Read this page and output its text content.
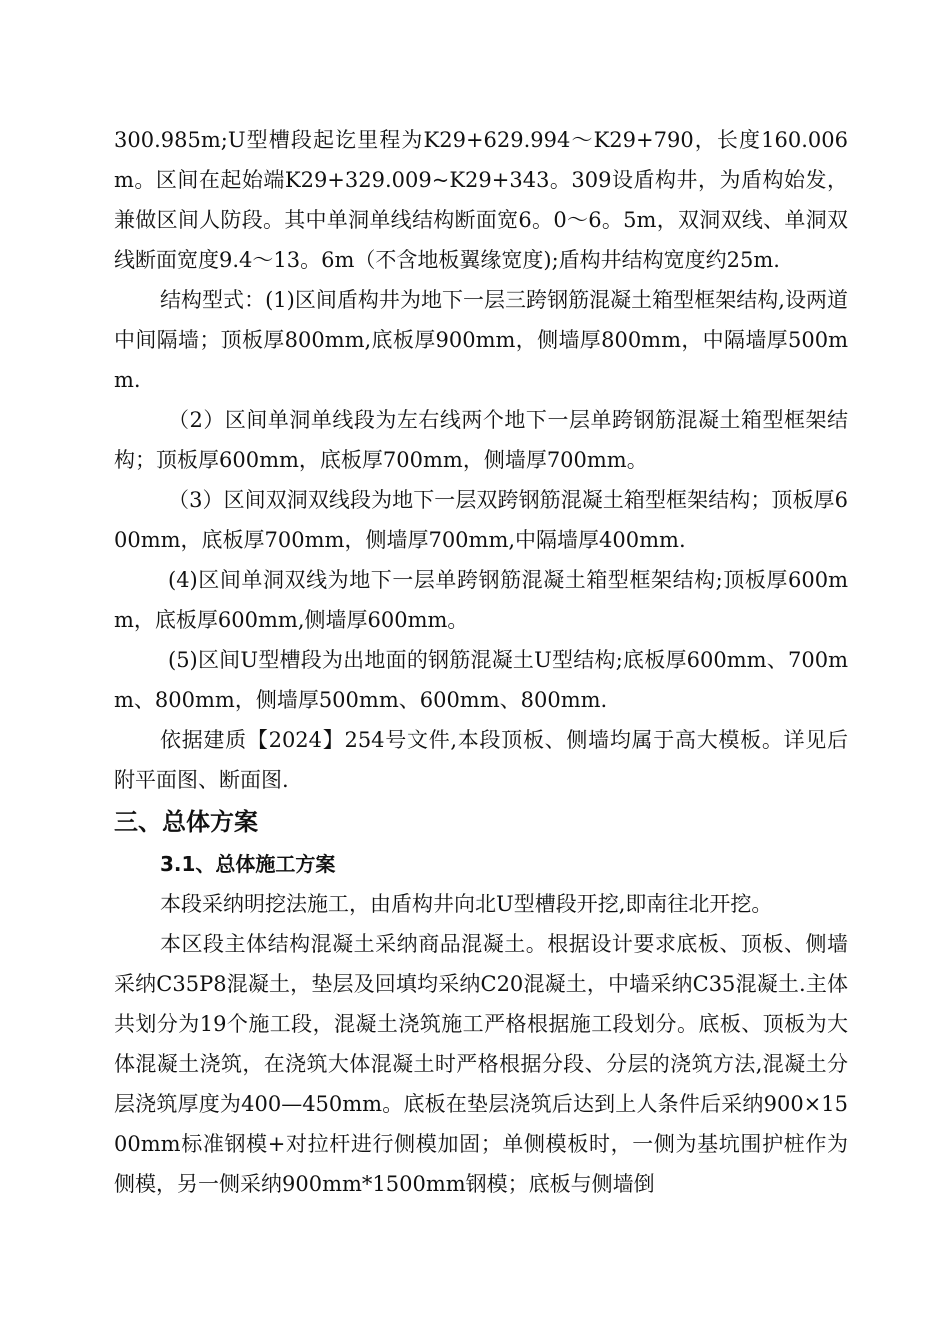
300.985m;U型槽段起讫里程为K29+629.994～K29+790，长度160.006m。区间在起始端K29+329.009~K29+343。309设盾构井，为盾构始发，兼做区间人防段。其中单洞单线结构断面宽6。0～6。5m，双洞双线、单洞双线断面宽度9.4～13。6m（不含地板翼缘宽度);盾构井结构宽度约25m.

结构型式：(1)区间盾构井为地下一层三跨钢筋混凝土箱型框架结构,设两道中间隔墙；顶板厚800mm,底板厚900mm，侧墙厚800mm，中隔墙厚500mm.

（2）区间单洞单线段为左右线两个地下一层单跨钢筋混凝土箱型框架结构；顶板厚600mm，底板厚700mm，侧墙厚700mm。

（3）区间双洞双线段为地下一层双跨钢筋混凝土箱型框架结构；顶板厚600mm，底板厚700mm，侧墙厚700mm,中隔墙厚400mm.

(4)区间单洞双线为地下一层单跨钢筋混凝土箱型框架结构;顶板厚600mm，底板厚600mm,侧墙厚600mm。

(5)区间U型槽段为出地面的钢筋混凝土U型结构;底板厚600mm、700mm、800mm，侧墙厚500mm、600mm、800mm.

依据建质【2024】254号文件,本段顶板、侧墙均属于高大模板。详见后附平面图、断面图.

三、总体方案
3.1、总体施工方案

本段采纳明挖法施工，由盾构井向北U型槽段开挖,即南往北开挖。

本区段主体结构混凝土采纳商品混凝土。根据设计要求底板、顶板、侧墙采纳C35P8混凝土，垫层及回填均采纳C20混凝土，中墙采纳C35混凝土.主体共划分为19个施工段，混凝土浇筑施工严格根据施工段划分。底板、顶板为大体混凝土浇筑，在浇筑大体混凝土时严格根据分段、分层的浇筑方法,混凝土分层浇筑厚度为400—450mm。底板在垫层浇筑后达到上人条件后采纳900×1500mm标准钢模+对拉杆进行侧模加固；单侧模板时，一侧为基坑围护桩作为侧模，另一侧采纳900mm*1500mm钢模；底板与侧墙倒
